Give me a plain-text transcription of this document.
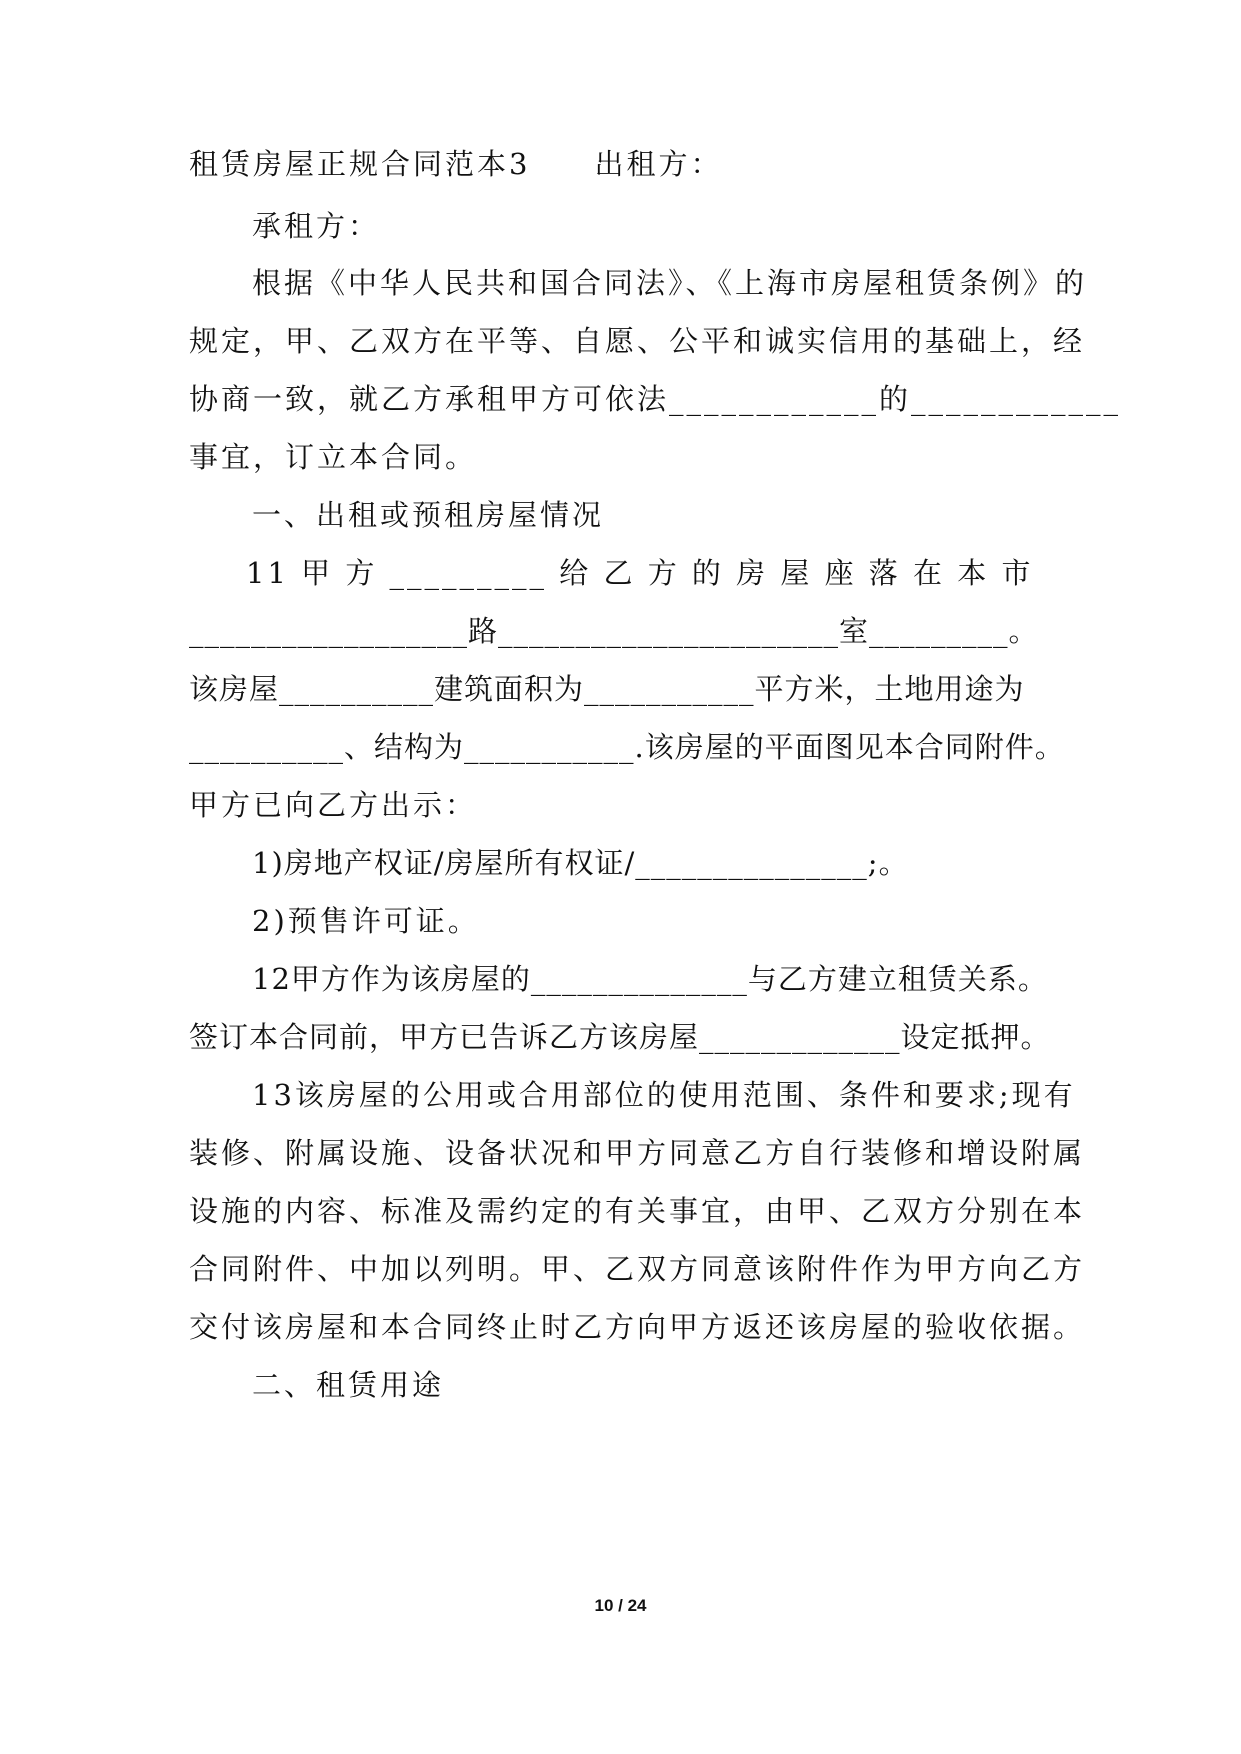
租赁房屋正规合同范本3　　出租方：
承租方：
根据《中华人民共和国合同法》、《上海市房屋租赁条例》的
规定，甲、乙双方在平等、自愿、公平和诚实信用的基础上，经
协商一致，就乙方承租甲方可依法____________的____________
事宜，订立本合同。
一、出租或预租房屋情况
11 甲 方 _________ 给 乙 方 的 房 屋 座 落 在 本 市
__________________路______________________室_________。
该房屋__________建筑面积为___________平方米，土地用途为
__________、结构为___________.该房屋的平面图见本合同附件。
甲方已向乙方出示：
1)房地产权证/房屋所有权证/_______________;。
2)预售许可证。
12甲方作为该房屋的______________与乙方建立租赁关系。
签订本合同前，甲方已告诉乙方该房屋_____________设定抵押。
13该房屋的公用或合用部位的使用范围、条件和要求;现有
装修、附属设施、设备状况和甲方同意乙方自行装修和增设附属
设施的内容、标准及需约定的有关事宜，由甲、乙双方分别在本
合同附件、中加以列明。甲、乙双方同意该附件作为甲方向乙方
交付该房屋和本合同终止时乙方向甲方返还该房屋的验收依据。
二、租赁用途
10 / 24
